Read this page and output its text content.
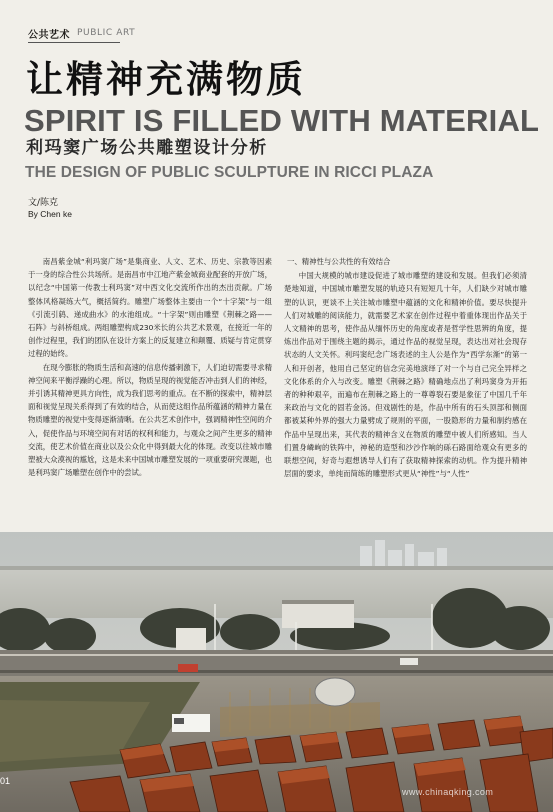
公共艺术 PUBLIC ART
让精神充满物质
SPIRIT IS FILLED WITH MATERIAL
利玛窦广场公共雕塑设计分析
THE DESIGN OF PUBLIC SCULPTURE IN RICCI PLAZA
文/陈克
By Chen ke

南昌紫金城“利玛窦广场”是集商业、人文、艺术、历史、宗教等因素于一身的综合性公共场所。是南昌市中江地产紫金城商业配套的开放广场，以纪念“中国第一传教士利玛窦”对中西文化交流所作出的杰出贡献。广场整体风格凝练大气，概括简约。雕塑广场整体主要由一个“十字架”与一组《引流引鸫、递成曲水》的水池组成。“十字架”则由雕塑《荆棘之路——石阵》与斜桥组成。两组雕塑构成230米长的公共艺术景观，在接近一年的创作过程里，我们的团队在设计方案上的反复建立和颠覆、质疑与肯定贯穿过程的始终。

在现今膨胀的物质生活和高速的信息传播刺激下，人们迫切需要寻求精神空间来平衡浮躁的心理。所以，物质呈现的视觉能否冲击到人们的神经，并引诱其精神更具方向性，成为我们思考的重点。在不断的探索中，精神层面和视觉呈现关系得到了有效的结合，从而使这组作品所蕴涵的精神力量在物质雕塑的视觉中变得逐渐清晰。在公共艺术创作中，强调精神性空间的介入，促使作品与环境空间有对话的权利和能力，与观众之间产生更多的精神交流，使艺术价值在商业以及公众化中得到最大化的体现。改变以往城市雕塑被大众漠视的尴尬，这是未来中国城市雕塑发展的一项重要研究课题，也是利玛窦广场雕塑在创作中的尝试。

一、精神性与公共性的有效结合

中国大规模的城市建设促进了城市雕塑的建设和发展。但我们必须清楚地知道，中国城市雕塑发展的轨迹只有短短几十年，人们缺少对城市雕塑的认识，更谈不上关注城市雕塑中蕴涵的文化和精神价值。要尽快提升人们对城雕的阅读能力，就需要艺术家在创作过程中着重体现出作品关于人文精神的思考，使作品从缅怀历史的角度或者是哲学性思辨的角度，提炼出作品对于围绕主题的揭示，通过作品的视觉呈现，表达出对社会现存状态的人文关怀。利玛窦纪念广场表述的主人公是作为“西学东渐”的第一人和开创者，他用自己坚定的信念完美地演绎了对一个与自己完全异样之文化体系的介入与改变。雕塑《荆棘之路》精确地点出了利玛窦身为开拓者的种种艰辛，而遍布在荆棘之路上的一尊尊裂石要是象征了中国几千年来政治与文化的固若金汤。但戏剧性的是，作品中所有的石头顶部和侧面都被某种外界的强大力量劈成了规则的平面，一股隐形的力量和制约感在作品中呈现出来，其代表的精神含义在物质的雕塑中被人们所感知。当人们置身嶙峋的铁阵中，神秘的造型和沙沙作响的砾石路面给观众有更多的联想空间，好奇与遐想诱导人们有了获取精神探索的动机。作为提升精神层面的要求，单纯而简练的雕塑形式更从“神性”与“人性”

01
www.chinaqking.com
